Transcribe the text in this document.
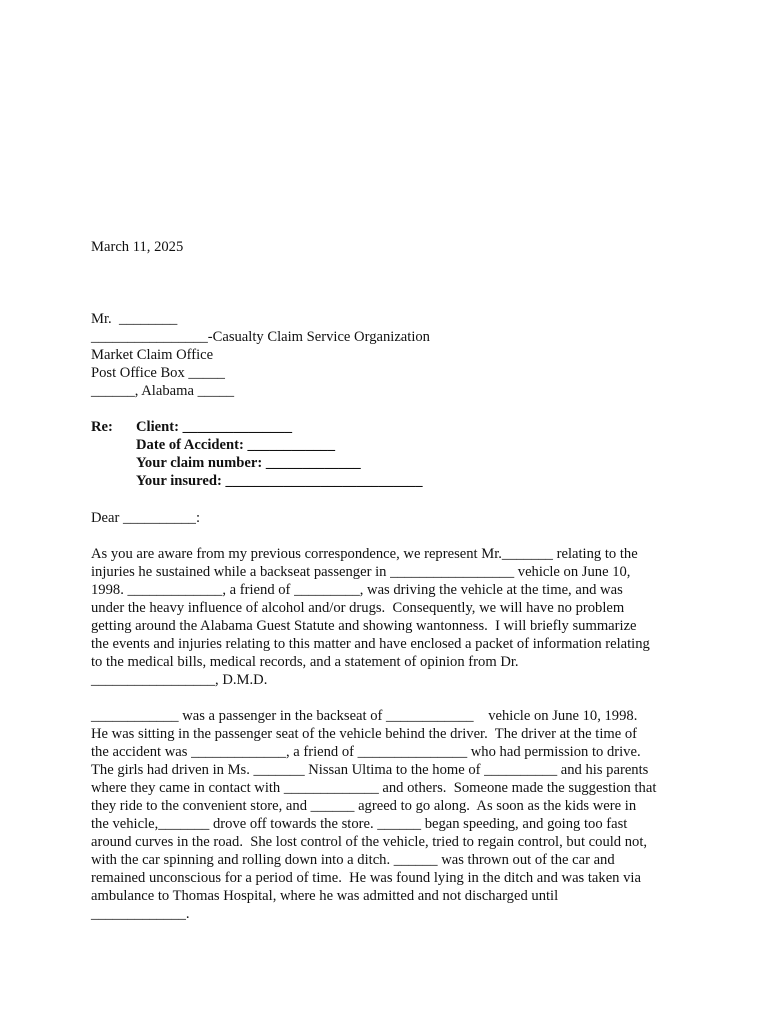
March 11, 2025
Mr.  ________
________________-Casualty Claim Service Organization
Market Claim Office
Post Office Box _____
______, Alabama _____
Re: Client: _______________
Date of Accident: ____________
Your claim number: _____________
Your insured: ___________________________
Dear __________:
As you are aware from my previous correspondence, we represent Mr._______ relating to the
injuries he sustained while a backseat passenger in _________________ vehicle on June 10,
1998. _____________, a friend of _________, was driving the vehicle at the time, and was
under the heavy influence of alcohol and/or drugs.  Consequently, we will have no problem
getting around the Alabama Guest Statute and showing wantonness.  I will briefly summarize
the events and injuries relating to this matter and have enclosed a packet of information relating
to the medical bills, medical records, and a statement of opinion from Dr.
_________________, D.M.D.
____________ was a passenger in the backseat of ____________    vehicle on June 10, 1998.
He was sitting in the passenger seat of the vehicle behind the driver.  The driver at the time of
the accident was _____________, a friend of _______________ who had permission to drive.
The girls had driven in Ms. _______ Nissan Ultima to the home of __________ and his parents
where they came in contact with _____________ and others.  Someone made the suggestion that
they ride to the convenient store, and ______ agreed to go along.  As soon as the kids were in
the vehicle,_______ drove off towards the store. ______ began speeding, and going too fast
around curves in the road.  She lost control of the vehicle, tried to regain control, but could not,
with the car spinning and rolling down into a ditch. ______ was thrown out of the car and
remained unconscious for a period of time.  He was found lying in the ditch and was taken via
ambulance to Thomas Hospital, where he was admitted and not discharged until
_____________.
